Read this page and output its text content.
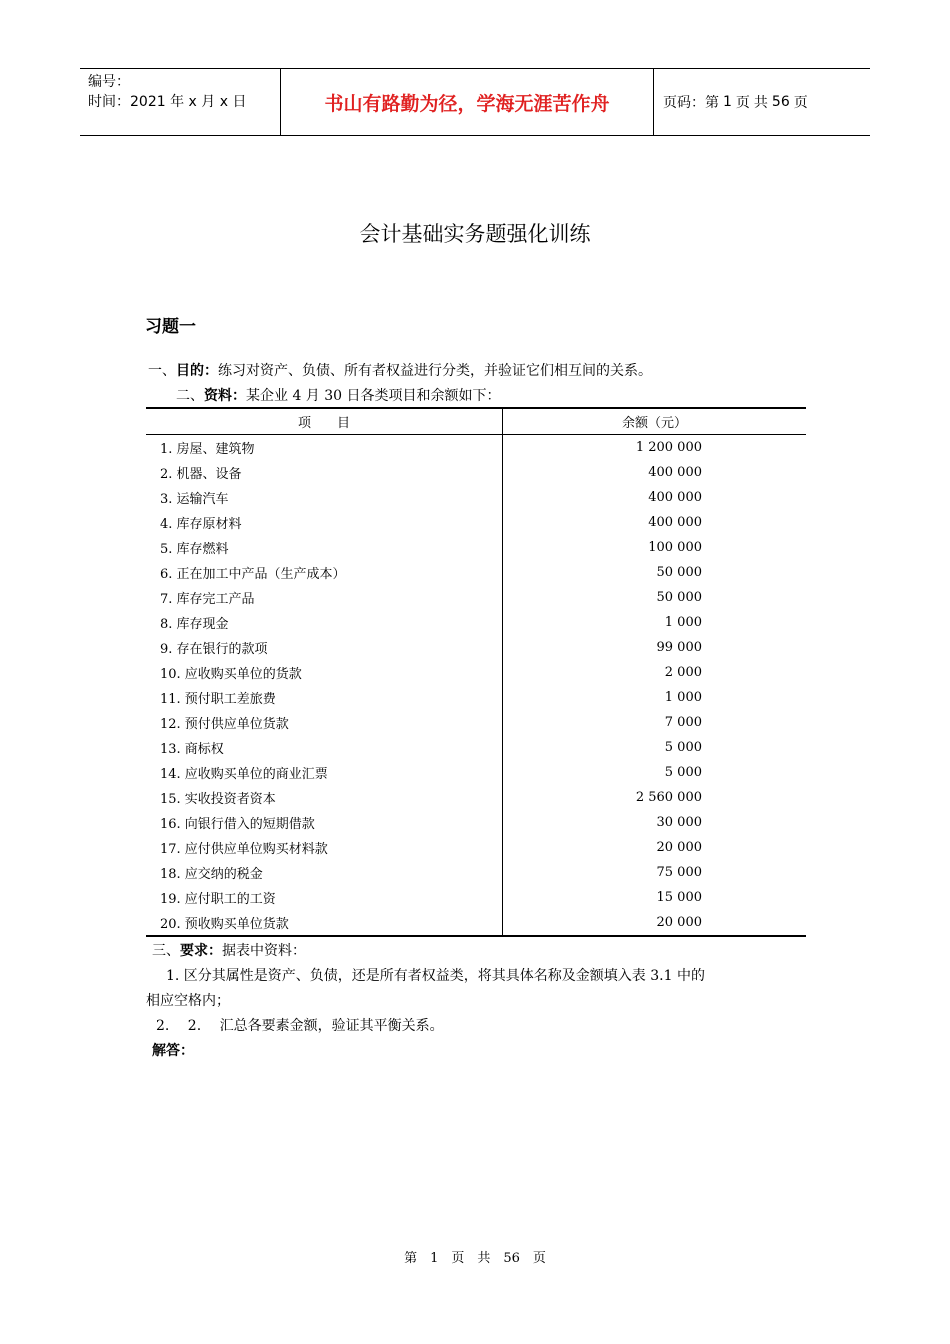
编号：
时间：2021 年 x 月 x 日	书山有路勤为径，学海无涯苦作舟	页码：第 1 页 共 56 页
会计基础实务题强化训练
习题一
一、目的：练习对资产、负债、所有者权益进行分类，并验证它们相互间的关系。
二、资料：某企业 4 月 30 日各类项目和余额如下：
项　　目	余额（元）
1. 房屋、建筑物	1 200 000
2. 机器、设备	400 000
3. 运输汽车	400 000
4. 库存原材料	400 000
5. 库存燃料	100 000
6. 正在加工中产品（生产成本）	50 000
7. 库存完工产品	50 000
8. 库存现金	1 000
9. 存在银行的款项	99 000
10. 应收购买单位的货款	2 000
11. 预付职工差旅费	1 000
12. 预付供应单位货款	7 000
13. 商标权	5 000
14. 应收购买单位的商业汇票	5 000
15. 实收投资者资本	2 560 000
16. 向银行借入的短期借款	30 000
17. 应付供应单位购买材料款	20 000
18. 应交纳的税金	75 000
19. 应付职工的工资	15 000
20. 预收购买单位货款	20 000
三、要求：据表中资料：
1. 区分其属性是资产、负债，还是所有者权益类，将其具体名称及金额填入表 3.1 中的
相应空格内；
2.　 2.　 汇总各要素金额，验证其平衡关系。
解答：
第　1　页　共　56　页
